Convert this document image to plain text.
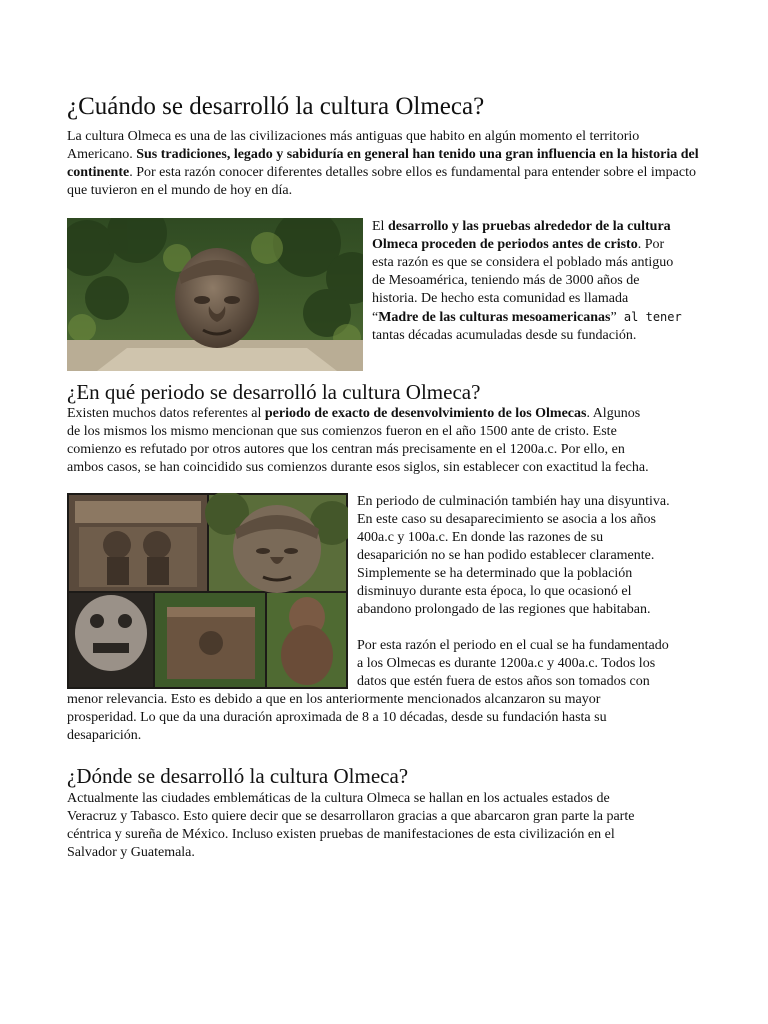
¿Cuándo se desarrolló la cultura Olmeca?

La cultura Olmeca es una de las civilizaciones más antiguas que habito en algún momento el territorio Americano. Sus tradiciones, legado y sabiduría en general han tenido una gran influencia en la historia del continente. Por esta razón conocer diferentes detalles sobre ellos es fundamental para entender sobre el impacto que tuvieron en el mundo de hoy en día.

El desarrollo y las pruebas alrededor de la cultura
Olmeca proceden de periodos antes de cristo. Por
esta razón es que se considera el poblado más antiguo
de Mesoamérica, teniendo más de 3000 años de
historia. De hecho esta comunidad es llamada
“Madre de las culturas mesoamericanas” al tener
tantas décadas acumuladas desde su fundación.
¿En qué periodo se desarrolló la cultura Olmeca?
Existen muchos datos referentes al periodo de exacto de desenvolvimiento de los Olmecas. Algunos
de los mismos los mismo mencionan que sus comienzos fueron en el año 1500 ante de cristo. Este
comienzo es refutado por otros autores que los centran más precisamente en el 1200a.c. Por ello, en
ambos casos, se han coincidido sus comienzos durante esos siglos, sin establecer con exactitud la fecha.
En periodo de culminación también hay una disyuntiva.
En este caso su desaparecimiento se asocia a los años
400a.c y 100a.c. En donde las razones de su
desaparición no se han podido establecer claramente.
Simplemente se ha determinado que la población
disminuyo durante esta época, lo que ocasionó el
abandono prolongado de las regiones que habitaban.
Por esta razón el periodo en el cual se ha fundamentado
a los Olmecas es durante 1200a.c y 400a.c. Todos los
datos que estén fuera de estos años son tomados con
menor relevancia. Esto es debido a que en los anteriormente mencionados alcanzaron su mayor
prosperidad. Lo que da una duración aproximada de 8 a 10 décadas, desde su fundación hasta su
desaparición.
¿Dónde se desarrolló la cultura Olmeca?
Actualmente las ciudades emblemáticas de la cultura Olmeca se hallan en los actuales estados de
Veracruz y Tabasco. Esto quiere decir que se desarrollaron gracias a que abarcaron gran parte la parte
céntrica y sureña de México. Incluso existen pruebas de manifestaciones de esta civilización en el
Salvador y Guatemala.
